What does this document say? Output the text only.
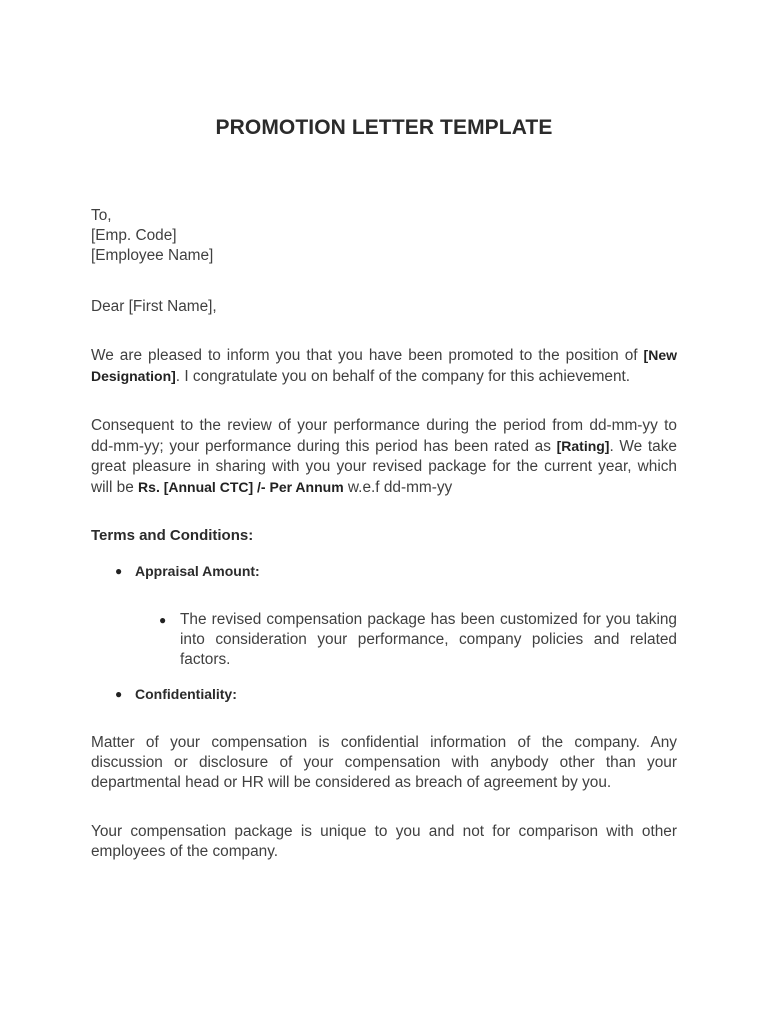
PROMOTION LETTER TEMPLATE
To,
[Emp. Code]
[Employee Name]

Dear [First Name],

We are pleased to inform you that you have been promoted to the position of [New Designation]. I congratulate you on behalf of the company for this achievement.

Consequent to the review of your performance during the period from dd-mm-yy to dd-mm-yy; your performance during this period has been rated as [Rating]. We take great pleasure in sharing with you your revised package for the current year, which will be Rs. [Annual CTC] /- Per Annum w.e.f dd-mm-yy

Terms and Conditions:

● Appraisal Amount:
● The revised compensation package has been customized for you taking into consideration your performance, company policies and related factors.
● Confidentiality:

Matter of your compensation is confidential information of the company. Any discussion or disclosure of your compensation with anybody other than your departmental head or HR will be considered as breach of agreement by you.

Your compensation package is unique to you and not for comparison with other employees of the company.
